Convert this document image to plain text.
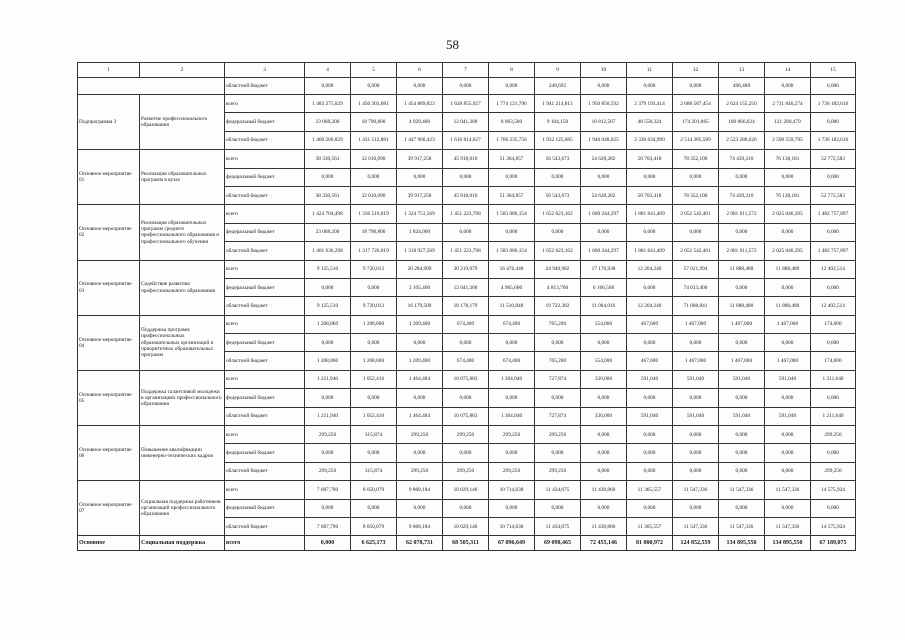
58
1	2	3	4	5	6	7	8	9	10	11	12	13	14	15
		областной бюджет	0,000	0,000	0,000	0,000	0,000	248,692	0,000	0,000	0,000	496,488	0,000	0,000
Подпрограмма 3	Развитие профессионального образования	всего	1 483 275,029	1 450 303,681	1 454 889,823	1 628 855,927	1 774 121,796	1 941 214,815	1 950 850,592	2 379 193,414	2 688 587,454	2 624 155,250	2 711 840,274	1 736 182,616
		федеральный бюджет	23 068,200	18 790,800	4 929,400	12 041,300	8 063,500	9 104,150	10 812,567	48 558,324	174 201,865	100 866,624	121 280,479	0,000
		областной бюджет	1 460 206,829	1 431 512,881	1 447 960,423	1 616 814,627	1 766 235,756	1 932 125,685	1 940 048,025	2 330 634,990	2 514 385,589	2 523 288,626	2 590 559,795	1 736 182,616
Основное мероприятие 01	Реализация образовательных программ в вузах	всего	38 330,561	32 010,090	39 917,258	45 918,010	51 364,857	56 543,673	54 628,282	50 703,418	78 352,100	74 439,310	76 138,181	52 772,583
		федеральный бюджет	0,000	0,000	0,000	0,000	0,000	0,000	0,000	0,000	0,000	0,000	0,000	0,000
		областной бюджет	38 330,561	32 010,090	39 917,258	45 918,010	51 364,857	56 543,673	54 628,282	50 703,418	78 352,100	74 439,310	76 138,181	52 772,583
Основное мероприятие 02	Реализация образовательных программ среднего профессионального образования и профессионального обучения	всего	1 424 704,498	1 336 516,819	1 324 751,569	1 451 223,798	1 583 086,154	1 652 623,162	1 660 244,297	1 881 641,409	2 052 542,401	2 081 011,572	2 025 046,395	1 482 757,897
		федеральный бюджет	23 068,200	18 790,800	1 824,000	0,000	0,000	0,000	0,000	0,000	0,000	0,000	0,000	0,000
		областной бюджет	1 401 636,298	1 317 726,019	1 318 927,569	1 451 223,798	1 583 086,154	1 652 623,162	1 660 244,297	1 881 641,409	2 052 542,401	2 081 011,572	2 025 046,395	1 482 757,897
Основное мероприятие 03	Содействие развитию профессионального образования	всего	9 125,510	9 720,013	20 284,909	30 219,079	16 476,448	24 940,982	17 170,938	12 264,240	57 021,994	11 888,480	11 888,480	12 402,514
		федеральный бюджет	0,000	0,000	3 105,400	12 041,300	4 965,600	4 813,700	6 166,568	0,000	74 013,400	0,000	0,000	0,000
		областной бюджет	9 125,510	9 720,013	16 179,509	18 178,179	11 510,848	19 722,382	11 004,016	12 264,240	71 008,841	11 888,480	11 888,480	12 402,514
Основное мероприятие 04	Поддержка программ профессиональных образовательных организаций и приоритетных образовательных программ	всего	1 208,860	1 208,600	1 209,400	674,400	674,400	765,200	554,000	467,600	1 467,000	1 467,000	1 467,000	174,000
		федеральный бюджет	0,000	0,000	0,000	0,000	0,000	0,000	0,000	0,000	0,000	0,000	0,000	0,000
		областной бюджет	1 208,860	1 208,600	1 209,400	674,400	674,400	765,200	554,000	467,600	1 467,000	1 467,000	1 467,000	174,000
Основное мероприятие 05	Поддержка талантливой молодежи в организациях профессионального образования	всего	1 211,940	1 052,416	1 464,484	10 075,883	1 304,040	727,874	330,000	591,040	591,040	591,040	591,040	1 211,640
		федеральный бюджет	0,000	0,000	0,000	0,000	0,000	0,000	0,000	0,000	0,000	0,000	0,000	0,000
		областной бюджет	1 211,940	1 052,416	1 464,484	10 075,883	1 304,040	727,874	330,000	591,040	591,040	591,040	591,040	1 211,640
Основное мероприятие 06	Повышение квалификации инженерно-технических кадров	всего	299,250	315,874	299,250	299,250	299,250	299,250	0,000	0,000	0,000	0,000	0,000	299,250
		федеральный бюджет	0,000	0,000	0,000	0,000	0,000	0,000	0,000	0,000	0,000	0,000	0,000	0,000
		областной бюджет	299,250	315,874	299,250	299,250	299,250	299,250	0,000	0,000	0,000	0,000	0,000	299,250
Основное мероприятие 07	Социальная поддержка работников организаций профессионального образования	всего	7 687,790	8 050,079	9 868,184	10 029,146	10 714,638	11 434,675	11 438,860	11 365,557	11 547,336	11 547,336	11 547,336	14 575,924
		федеральный бюджет	0,000	0,000	0,000	0,000	0,000	0,000	0,000	0,000	0,000	0,000	0,000	0,000
		областной бюджет	7 687,790	8 050,079	9 868,184	10 029,146	10 714,638	11 434,675	11 438,860	11 365,557	11 547,336	11 547,336	11 547,336	14 575,924
Основное	Социальная поддержка	всего	0,000	6 625,173	62 078,731	68 505,311	67 096,649	69 098,465	72 455,146	81 000,972	124 852,559	134 895,550	134 895,550	67 189,075
